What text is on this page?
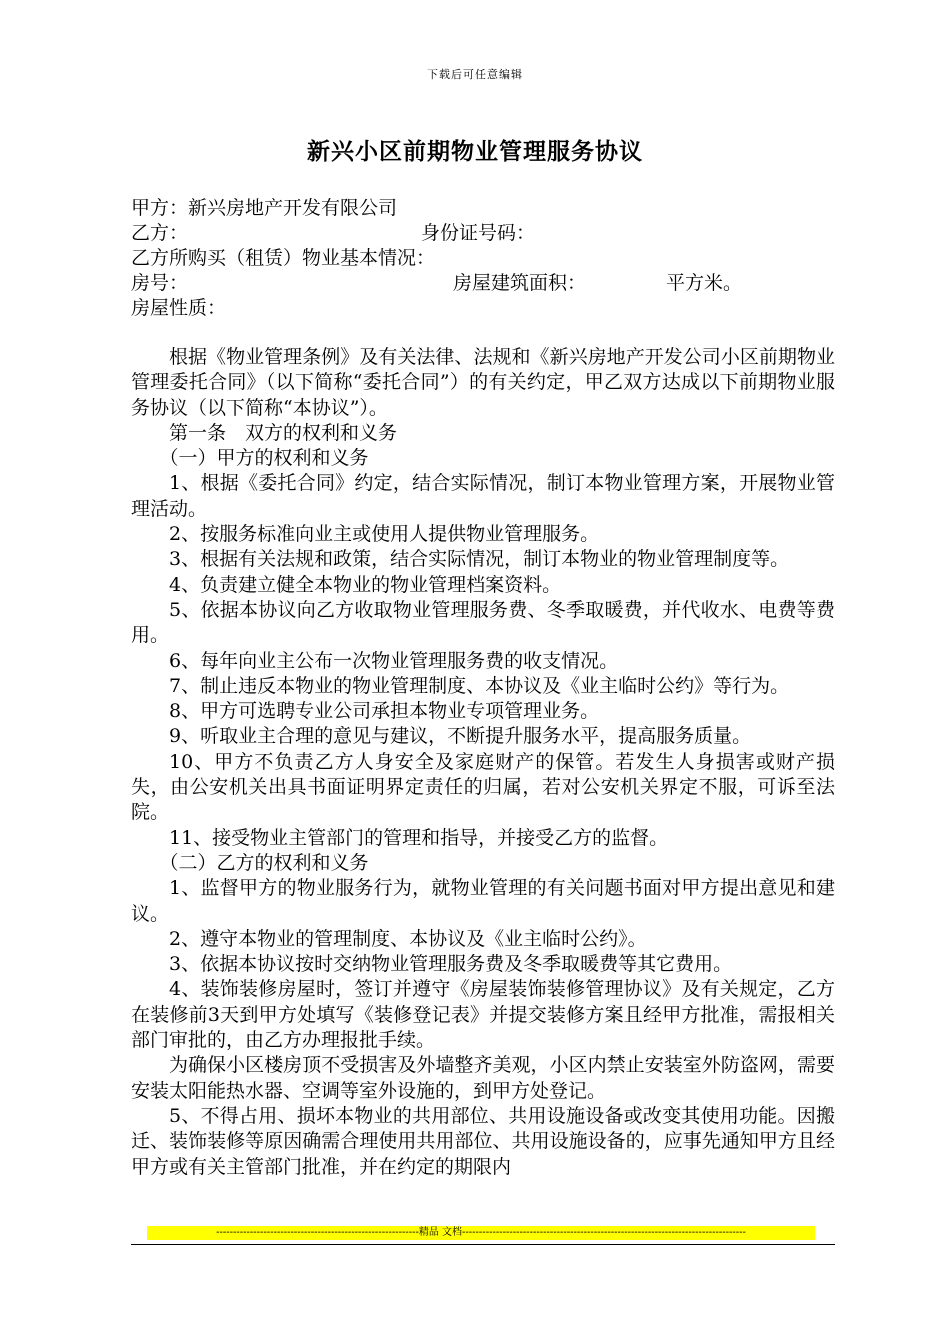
下载后可任意编辑
新兴小区前期物业管理服务协议
甲方：新兴房地产开发有限公司
乙方：	身份证号码：
乙方所购买（租赁）物业基本情况：
房号：	房屋建筑面积：	平方米。
房屋性质：

根据《物业管理条例》及有关法律、法规和《新兴房地产开发公司小区前期物业管理委托合同》（以下简称“委托合同”）的有关约定，甲乙双方达成以下前期物业服务协议（以下简称“本协议”）。

第一条　双方的权利和义务

（一）甲方的权利和义务

1、根据《委托合同》约定，结合实际情况，制订本物业管理方案，开展物业管理活动。

2、按服务标准向业主或使用人提供物业管理服务。

3、根据有关法规和政策，结合实际情况，制订本物业的物业管理制度等。

4、负责建立健全本物业的物业管理档案资料。

5、依据本协议向乙方收取物业管理服务费、冬季取暖费，并代收水、电费等费用。

6、每年向业主公布一次物业管理服务费的收支情况。

7、制止违反本物业的物业管理制度、本协议及《业主临时公约》等行为。

8、甲方可选聘专业公司承担本物业专项管理业务。

9、听取业主合理的意见与建议，不断提升服务水平，提高服务质量。

10、甲方不负责乙方人身安全及家庭财产的保管。若发生人身损害或财产损失，由公安机关出具书面证明界定责任的归属，若对公安机关界定不服，可诉至法院。

11、接受物业主管部门的管理和指导，并接受乙方的监督。

（二）乙方的权利和义务

1、监督甲方的物业服务行为，就物业管理的有关问题书面对甲方提出意见和建议。

2、遵守本物业的管理制度、本协议及《业主临时公约》。

3、依据本协议按时交纳物业管理服务费及冬季取暖费等其它费用。

4、装饰装修房屋时，签订并遵守《房屋装饰装修管理协议》及有关规定，乙方在装修前3天到甲方处填写《装修登记表》并提交装修方案且经甲方批准，需报相关部门审批的，由乙方办理报批手续。

为确保小区楼房顶不受损害及外墙整齐美观，小区内禁止安装室外防盗网，需要安装太阳能热水器、空调等室外设施的，到甲方处登记。

5、不得占用、损坏本物业的共用部位、共用设施设备或改变其使用功能。因搬迁、装饰装修等原因确需合理使用共用部位、共用设施设备的，应事先通知甲方且经甲方或有关主管部门批准，并在约定的期限内

------------------------------------------------------------精品 文档------------------------------------------------------------------------------------
